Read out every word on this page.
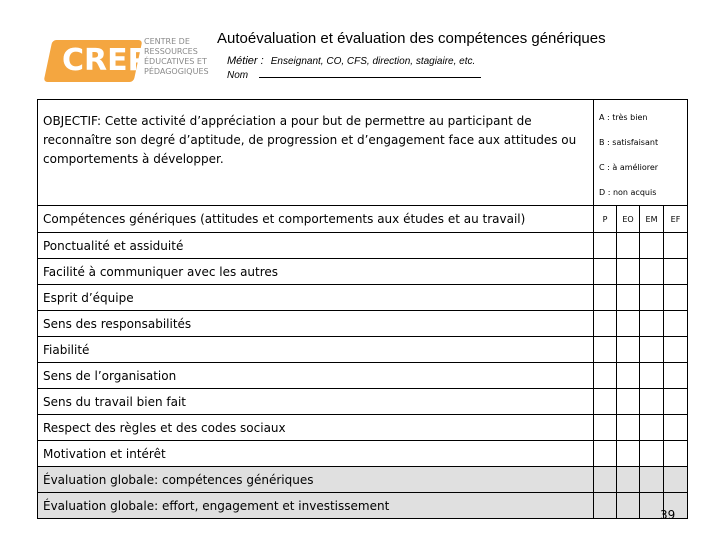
CREP
CENTRE DE
RESSOURCES
ÉDUCATIVES ET
PÉDAGOGIQUES
Autoévaluation et évaluation des compétences génériques
Métier : Enseignant, CO, CFS, direction, stagiaire, etc.
Nom
OBJECTIF: Cette activité d’appréciation a pour but de permettre au participant de reconnaître son degré d’aptitude, de progression et d’engagement face aux attitudes ou comportements à développer.	A : très bien
B : satisfaisant
C : à améliorer
D : non acquis			

Compétences génériques (attitudes et comportements aux études et au travail)	P	EO	EM	EF
Ponctualité et assiduité				
Facilité à communiquer avec les autres				
Esprit d’équipe				
Sens des responsabilités				
Fiabilité				
Sens de l’organisation				
Sens du travail bien fait				
Respect des règles et des codes sociaux				
Motivation et intérêt				
Évaluation globale: compétences génériques				
Évaluation globale: effort, engagement et investissement				
39
